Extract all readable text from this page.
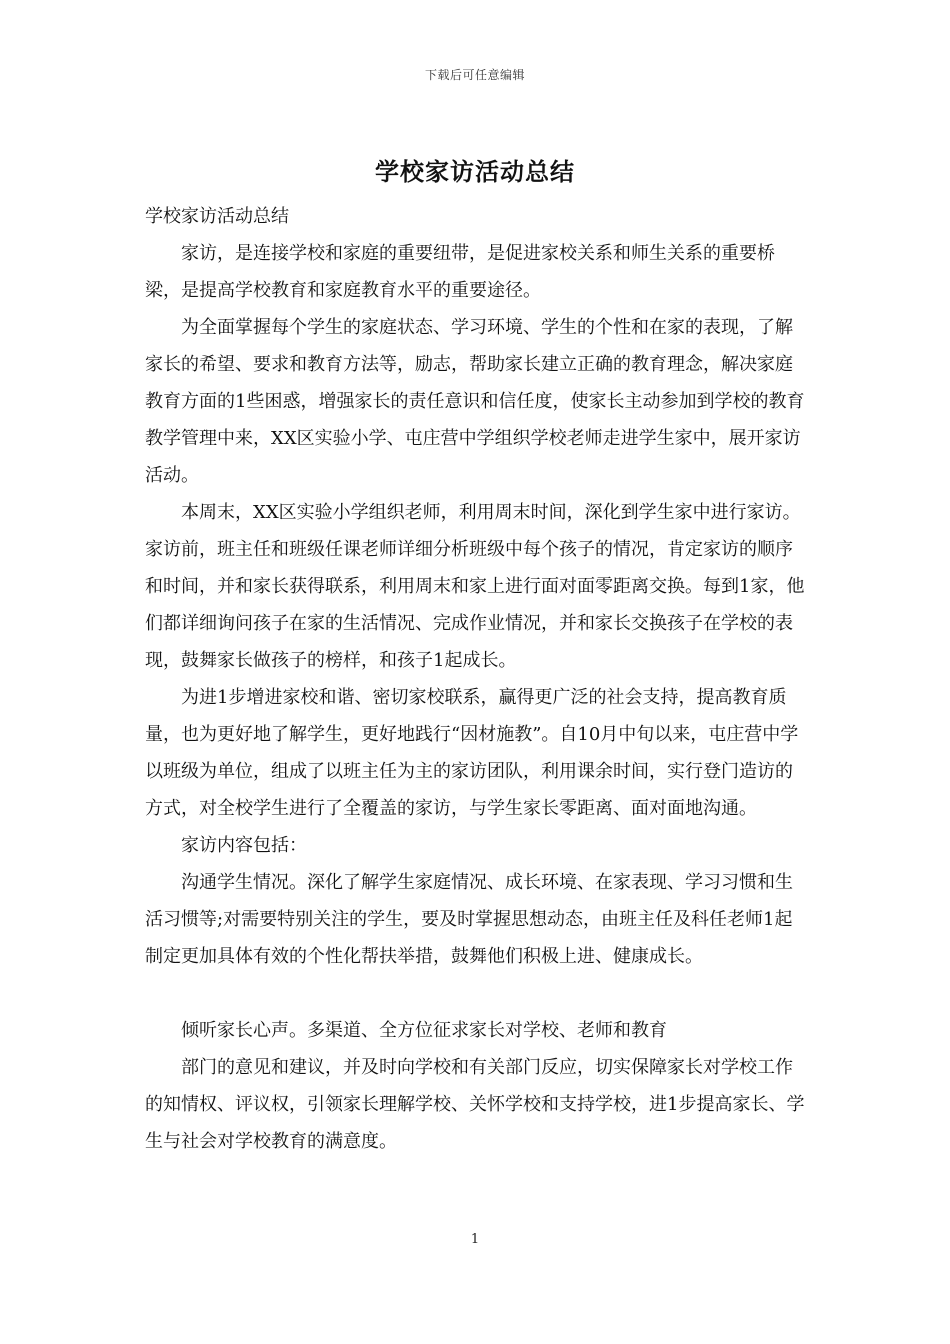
下载后可任意编辑
学校家访活动总结

学校家访活动总结

家访，是连接学校和家庭的重要纽带，是促进家校关系和师生关系的重要桥梁，是提高学校教育和家庭教育水平的重要途径。

为全面掌握每个学生的家庭状态、学习环境、学生的个性和在家的表现，了解家长的希望、要求和教育方法等，励志，帮助家长建立正确的教育理念，解决家庭教育方面的1些困惑，增强家长的责任意识和信任度，使家长主动参加到学校的教育教学管理中来，XX区实验小学、屯庄营中学组织学校老师走进学生家中，展开家访活动。

本周末，XX区实验小学组织老师，利用周末时间，深化到学生家中进行家访。家访前，班主任和班级任课老师详细分析班级中每个孩子的情况，肯定家访的顺序和时间，并和家长获得联系，利用周末和家上进行面对面零距离交换。每到1家，他们都详细询问孩子在家的生活情况、完成作业情况，并和家长交换孩子在学校的表现，鼓舞家长做孩子的榜样，和孩子1起成长。

为进1步增进家校和谐、密切家校联系，赢得更广泛的社会支持，提高教育质量，也为更好地了解学生，更好地践行“因材施教”。自10月中旬以来，屯庄营中学以班级为单位，组成了以班主任为主的家访团队，利用课余时间，实行登门造访的方式，对全校学生进行了全覆盖的家访，与学生家长零距离、面对面地沟通。

家访内容包括：

沟通学生情况。深化了解学生家庭情况、成长环境、在家表现、学习习惯和生活习惯等;对需要特别关注的学生，要及时掌握思想动态，由班主任及科任老师1起制定更加具体有效的个性化帮扶举措，鼓舞他们积极上进、健康成长。

倾听家长心声。多渠道、全方位征求家长对学校、老师和教育

部门的意见和建议，并及时向学校和有关部门反应，切实保障家长对学校工作的知情权、评议权，引领家长理解学校、关怀学校和支持学校，进1步提高家长、学生与社会对学校教育的满意度。

1
